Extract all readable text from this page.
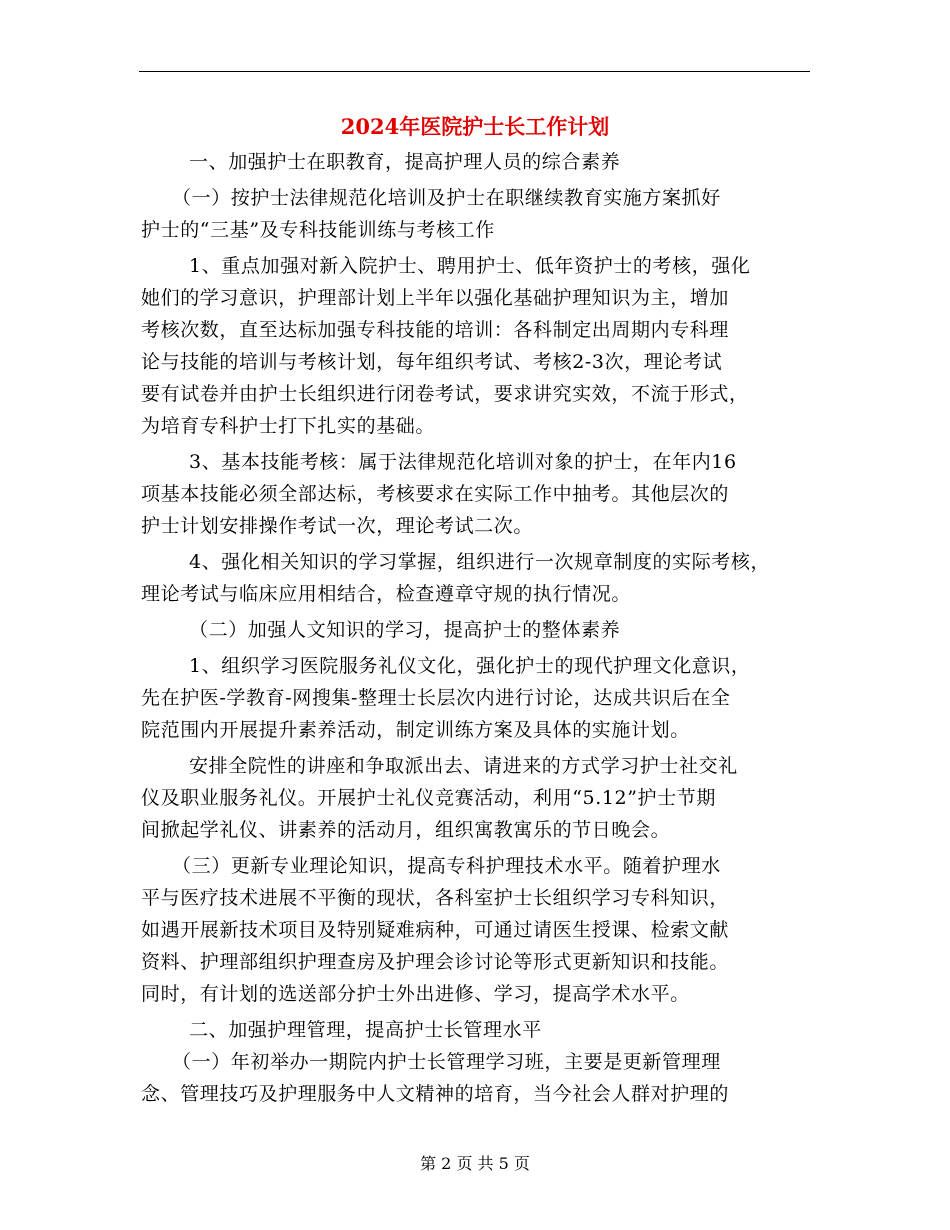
2024年医院护士长工作计划
一、加强护士在职教育，提高护理人员的综合素养
（一）按护士法律规范化培训及护士在职继续教育实施方案抓好
护士的“三基”及专科技能训练与考核工作
1、重点加强对新入院护士、聘用护士、低年资护士的考核，强化
她们的学习意识，护理部计划上半年以强化基础护理知识为主，增加
考核次数，直至达标加强专科技能的培训：各科制定出周期内专科理
论与技能的培训与考核计划，每年组织考试、考核2-3次，理论考试
要有试卷并由护士长组织进行闭卷考试，要求讲究实效，不流于形式，
为培育专科护士打下扎实的基础。
3、基本技能考核：属于法律规范化培训对象的护士，在年内16
项基本技能必须全部达标，考核要求在实际工作中抽考。其他层次的
护士计划安排操作考试一次，理论考试二次。
4、强化相关知识的学习掌握，组织进行一次规章制度的实际考核，
理论考试与临床应用相结合，检查遵章守规的执行情况。
（二）加强人文知识的学习，提高护士的整体素养
1、组织学习医院服务礼仪文化，强化护士的现代护理文化意识，
先在护医-学教育-网搜集-整理士长层次内进行讨论，达成共识后在全
院范围内开展提升素养活动，制定训练方案及具体的实施计划。
安排全院性的讲座和争取派出去、请进来的方式学习护士社交礼
仪及职业服务礼仪。开展护士礼仪竞赛活动，利用“5.12”护士节期
间掀起学礼仪、讲素养的活动月，组织寓教寓乐的节日晚会。
（三）更新专业理论知识，提高专科护理技术水平。随着护理水
平与医疗技术进展不平衡的现状，各科室护士长组织学习专科知识，
如遇开展新技术项目及特别疑难病种，可通过请医生授课、检索文献
资料、护理部组织护理查房及护理会诊讨论等形式更新知识和技能。
同时，有计划的选送部分护士外出进修、学习，提高学术水平。
二、加强护理管理，提高护士长管理水平
（一）年初举办一期院内护士长管理学习班，主要是更新管理理
念、管理技巧及护理服务中人文精神的培育，当今社会人群对护理的
第 2 页 共 5 页
